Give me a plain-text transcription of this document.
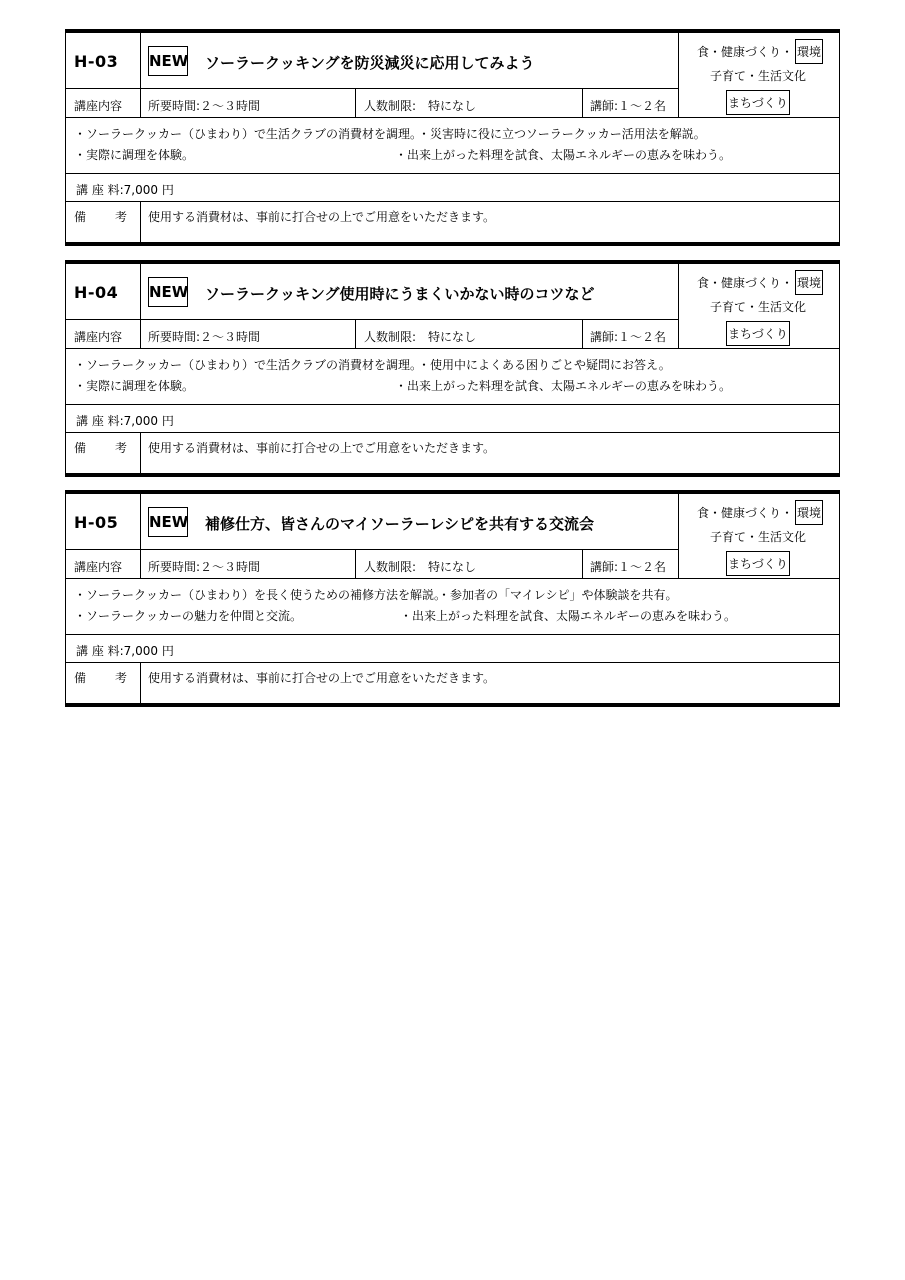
H-03 NEW ソーラークッキングを防災減災に応用してみよう
食・健康づくり・ 環境
子育て・生活文化
まちづくり
講座内容 所要時間:２〜３時間	人数制限:　特になし	講師:１〜２名
・ソーラークッカー（ひまわり）で生活クラブの消費材を調理。
・災害時に役に立つソーラークッカー活用法を解説。
・実際に調理を体験。	・出来上がった料理を試食、太陽エネルギーの恵みを味わう。
講 座 料:7,000 円
備 考 使用する消費材は、事前に打合せの上でご用意をいただきます。
H-04 NEW ソーラークッキング使用時にうまくいかない時のコツなど
食・健康づくり・ 環境
子育て・生活文化
まちづくり
講座内容 所要時間:２〜３時間	人数制限:　特になし	講師:１〜２名
・ソーラークッカー（ひまわり）で生活クラブの消費材を調理。
・使用中によくある困りごとや疑問にお答え。
・実際に調理を体験。	・出来上がった料理を試食、太陽エネルギーの恵みを味わう。
講 座 料:7,000 円
備 考 使用する消費材は、事前に打合せの上でご用意をいただきます。
H-05 NEW 補修仕方、皆さんのマイソーラーレシピを共有する交流会
食・健康づくり・ 環境
子育て・生活文化
まちづくり
講座内容 所要時間:２〜３時間	人数制限:　特になし	講師:１〜２名
・ソーラークッカー（ひまわり）を長く使うための補修方法を解説。
・参加者の「マイレシピ」や体験談を共有。
・ソーラークッカーの魅力を仲間と交流。	・出来上がった料理を試食、太陽エネルギーの恵みを味わう。
講 座 料:7,000 円
備 考 使用する消費材は、事前に打合せの上でご用意をいただきます。
